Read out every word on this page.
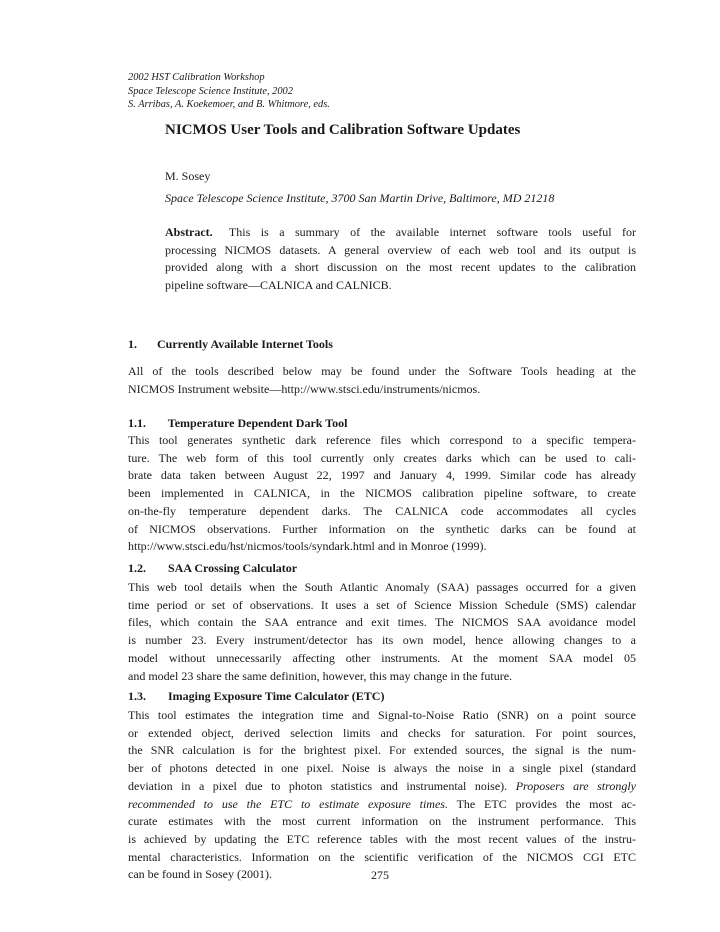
2002 HST Calibration Workshop
Space Telescope Science Institute, 2002
S. Arribas, A. Koekemoer, and B. Whitmore, eds.
NICMOS User Tools and Calibration Software Updates
M. Sosey
Space Telescope Science Institute, 3700 San Martin Drive, Baltimore, MD 21218
Abstract. This is a summary of the available internet software tools useful for
processing NICMOS datasets. A general overview of each web tool and its output is
provided along with a short discussion on the most recent updates to the calibration
pipeline software—CALNICA and CALNICB.
1. Currently Available Internet Tools
All of the tools described below may be found under the Software Tools heading at the
NICMOS Instrument website—http://www.stsci.edu/instruments/nicmos.
1.1. Temperature Dependent Dark Tool
This tool generates synthetic dark reference files which correspond to a specific tempera-
ture. The web form of this tool currently only creates darks which can be used to cali-
brate data taken between August 22, 1997 and January 4, 1999. Similar code has already
been implemented in CALNICA, in the NICMOS calibration pipeline software, to create
on-the-fly temperature dependent darks. The CALNICA code accommodates all cycles
of NICMOS observations. Further information on the synthetic darks can be found at
http://www.stsci.edu/hst/nicmos/tools/syndark.html and in Monroe (1999).
1.2. SAA Crossing Calculator
This web tool details when the South Atlantic Anomaly (SAA) passages occurred for a given
time period or set of observations. It uses a set of Science Mission Schedule (SMS) calendar
files, which contain the SAA entrance and exit times. The NICMOS SAA avoidance model
is number 23. Every instrument/detector has its own model, hence allowing changes to a
model without unnecessarily affecting other instruments. At the moment SAA model 05
and model 23 share the same definition, however, this may change in the future.
1.3. Imaging Exposure Time Calculator (ETC)
This tool estimates the integration time and Signal-to-Noise Ratio (SNR) on a point source
or extended object, derived selection limits and checks for saturation. For point sources,
the SNR calculation is for the brightest pixel. For extended sources, the signal is the num-
ber of photons detected in one pixel. Noise is always the noise in a single pixel (standard
deviation in a pixel due to photon statistics and instrumental noise). Proposers are strongly
recommended to use the ETC to estimate exposure times. The ETC provides the most ac-
curate estimates with the most current information on the instrument performance. This
is achieved by updating the ETC reference tables with the most recent values of the instru-
mental characteristics. Information on the scientific verification of the NICMOS CGI ETC
can be found in Sosey (2001).	275
